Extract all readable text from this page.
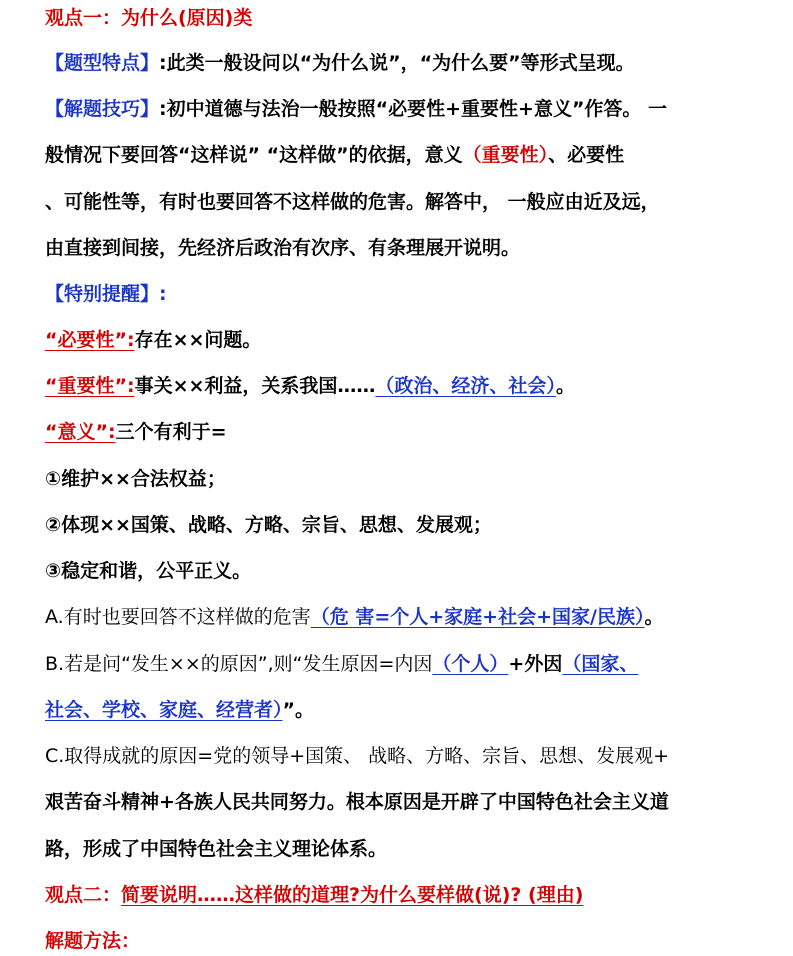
观点一：为什么(原因)类
【题型特点】:此类一般设问以“为什么说”，“为什么要”等形式呈现。
【解题技巧】:初中道德与法治一般按照“必要性+重要性+意义”作答。 一
般情况下要回答“这样说” “这样做”的依据，意义（重要性）、必要性
、可能性等，有时也要回答不这样做的危害。解答中， 一般应由近及远，
由直接到间接，先经济后政治有次序、有条理展开说明。
【特别提醒】:
“必要性”:存在××问题。
“重要性”:事关××利益，关系我国……（政治、经济、社会）。
“意义”:三个有利于=
①维护××合法权益；
②体现××国策、战略、方略、宗旨、思想、发展观；
③稳定和谐，公平正义。
A.有时也要回答不这样做的危害（危 害=个人+家庭+社会+国家/民族）。
B.若是问“发生××的原因”,则“发生原因=内因（个人）+外因（国家、
社会、学校、家庭、经营者）”。
C.取得成就的原因=党的领导+国策、 战略、方略、宗旨、思想、发展观+
艰苦奋斗精神+各族人民共同努力。根本原因是开辟了中国特色社会主义道
路，形成了中国特色社会主义理论体系。
观点二：简要说明……这样做的道理?为什么要样做(说)? (理由)
解题方法：
